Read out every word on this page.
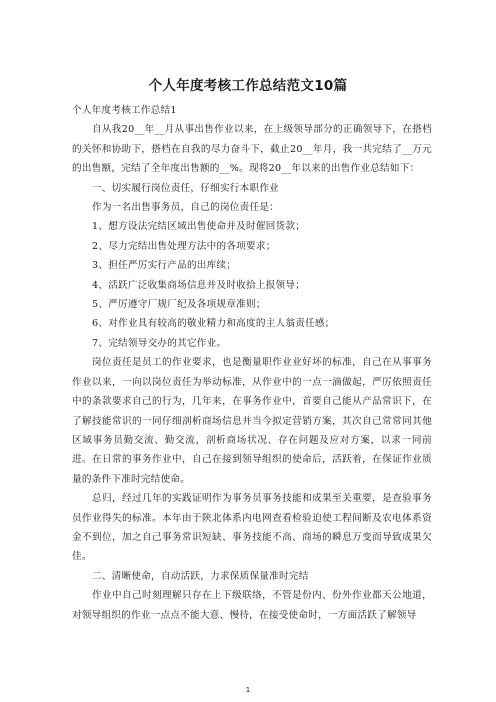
个人年度考核工作总结范文10篇

个人年度考核工作总结1

自从我20__年__月从事出售作业以来，在上级领导部分的正确领导下，在搭档的关怀和协助下，搭档在自我的尽力奋斗下，截止20__年月，我一共完结了__万元的出售额，完结了全年度出售额的__%。现将20__年以来的出售作业总结如下：

一、切实履行岗位责任，仔细实行本职作业

作为一名出售事务员，自己的岗位责任是：

1、想方设法完结区域出售使命并及时催回货款；

2、尽力完结出售处理方法中的各项要求；

3、担任严厉实行产品的出库续；

4、活跃广泛收集商场信息并及时收拾上报领导；

5、严厉遵守厂规厂纪及各项规章准则；

6、对作业具有较高的敬业精力和高度的主人翁责任感；

7、完结领导交办的其它作业。

岗位责任是员工的作业要求，也是衡量职作业业好坏的标准，自己在从事事务作业以来，一向以岗位责任为举动标准，从作业中的一点一滴做起，严厉依照责任中的条款要求自己的行为，几年来，在事务作业中，首要自己能从产品常识下，在了解技能常识的一同仔细剖析商场信息并当今拟定营销方案，其次自己常常同其他区域事务员勤交流、勤交流，剖析商场状况、存在问题及应对方案，以求一同前进。在日常的事务作业中，自己在接到领导组织的使命后，活跃着，在保证作业质量的条件下准时完结使命。

总归，经过几年的实践证明作为事务员事务技能和成果至关重要，是查验事务员作业得失的标准。本年由于陕北体系内电网查看检验迫使工程间断及农电体系资金不到位，加之自己事务常识短缺、事务技能不高、商场的瞬息万变而导致成果欠佳。

二、清晰使命，自动活跃，力求保质保量准时完结

作业中自己时刻理解只存在上下级联络，不管是份内、份外作业都天公地道，对领导组织的作业一点点不能大意、慢待，在接受使命时，一方面活跃了解领导

1
